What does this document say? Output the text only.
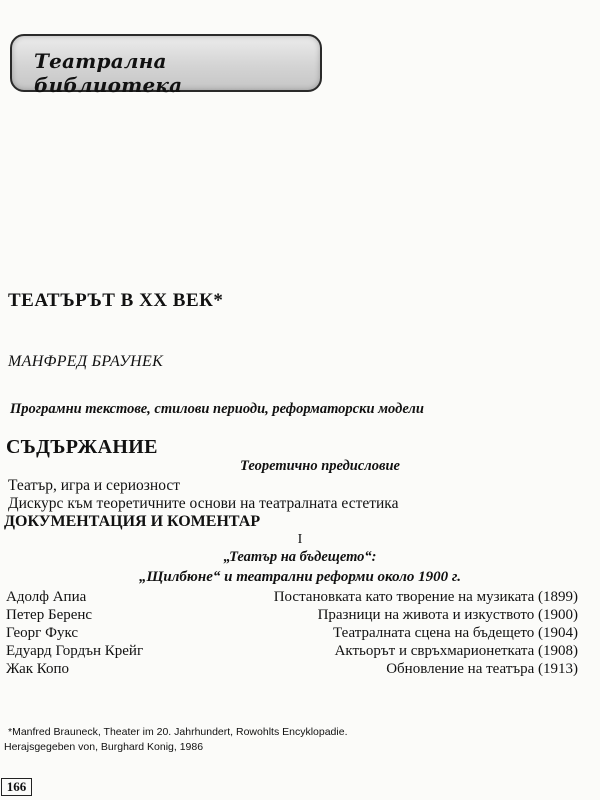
Театрална библиотека
ТЕАТЪРЪТ В ХХ ВЕК*
МАНФРЕД БРАУНЕК
Програмни текстове, стилови периоди, реформаторски модели
СЪДЪРЖАНИЕ
Теоретично предисловие
Театър, игра и сериозност
Дискурс към теоретичните основи на театралната естетика
ДОКУМЕНТАЦИЯ И КОМЕНТАР
I
„Театър на бъдещето“:
„Щилбюне“ и театрални реформи около 1900 г.
Адолф Апиа	Постановката като творение на музиката (1899)
Петер Беренс	Празници на живота и изкуството (1900)
Георг Фукс	Театралната сцена на бъдещето (1904)
Едуард Гордън Крейг	Актьорът и свръхмарионетката (1908)
Жак Копо	Обновление на театъра (1913)
*Manfred Brauneck, Theater im 20. Jahrhundert, Rowohlts Encyklopadie.
Herajsgegeben von, Burghard Konig, 1986
166
